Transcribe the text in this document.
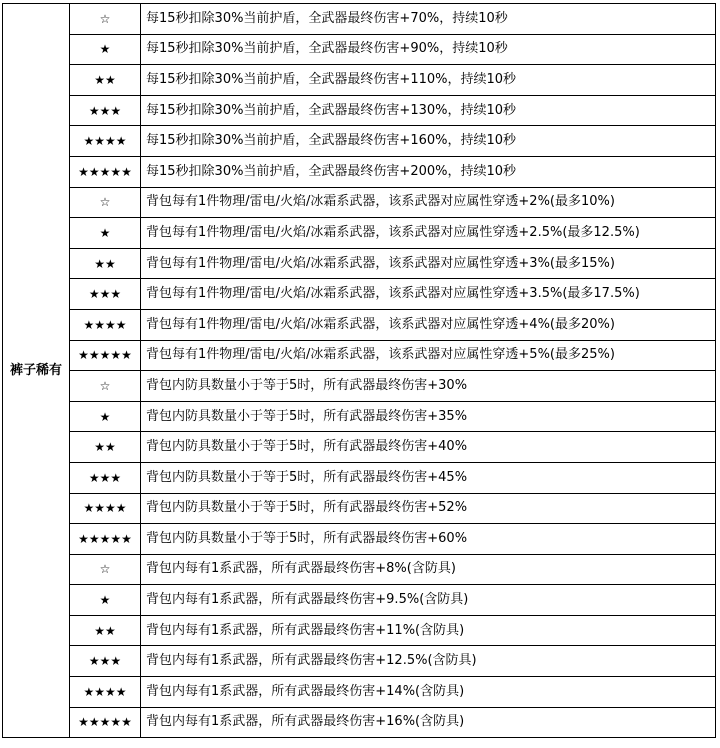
裤子稀有	☆	每15秒扣除30%当前护盾，全武器最终伤害+70%，持续10秒
	★	每15秒扣除30%当前护盾，全武器最终伤害+90%，持续10秒
	★★	每15秒扣除30%当前护盾，全武器最终伤害+110%，持续10秒
	★★★	每15秒扣除30%当前护盾，全武器最终伤害+130%，持续10秒
	★★★★	每15秒扣除30%当前护盾，全武器最终伤害+160%，持续10秒
	★★★★★	每15秒扣除30%当前护盾，全武器最终伤害+200%，持续10秒
	☆	背包每有1件物理/雷电/火焰/冰霜系武器，该系武器对应属性穿透+2%(最多10%)
	★	背包每有1件物理/雷电/火焰/冰霜系武器，该系武器对应属性穿透+2.5%(最多12.5%)
	★★	背包每有1件物理/雷电/火焰/冰霜系武器，该系武器对应属性穿透+3%(最多15%)
	★★★	背包每有1件物理/雷电/火焰/冰霜系武器，该系武器对应属性穿透+3.5%(最多17.5%)
	★★★★	背包每有1件物理/雷电/火焰/冰霜系武器，该系武器对应属性穿透+4%(最多20%)
	★★★★★	背包每有1件物理/雷电/火焰/冰霜系武器，该系武器对应属性穿透+5%(最多25%)
	☆	背包内防具数量小于等于5时，所有武器最终伤害+30%
	★	背包内防具数量小于等于5时，所有武器最终伤害+35%
	★★	背包内防具数量小于等于5时，所有武器最终伤害+40%
	★★★	背包内防具数量小于等于5时，所有武器最终伤害+45%
	★★★★	背包内防具数量小于等于5时，所有武器最终伤害+52%
	★★★★★	背包内防具数量小于等于5时，所有武器最终伤害+60%
	☆	背包内每有1系武器，所有武器最终伤害+8%(含防具)
	★	背包内每有1系武器，所有武器最终伤害+9.5%(含防具)
	★★	背包内每有1系武器，所有武器最终伤害+11%(含防具)
	★★★	背包内每有1系武器，所有武器最终伤害+12.5%(含防具)
	★★★★	背包内每有1系武器，所有武器最终伤害+14%(含防具)
	★★★★★	背包内每有1系武器，所有武器最终伤害+16%(含防具)
